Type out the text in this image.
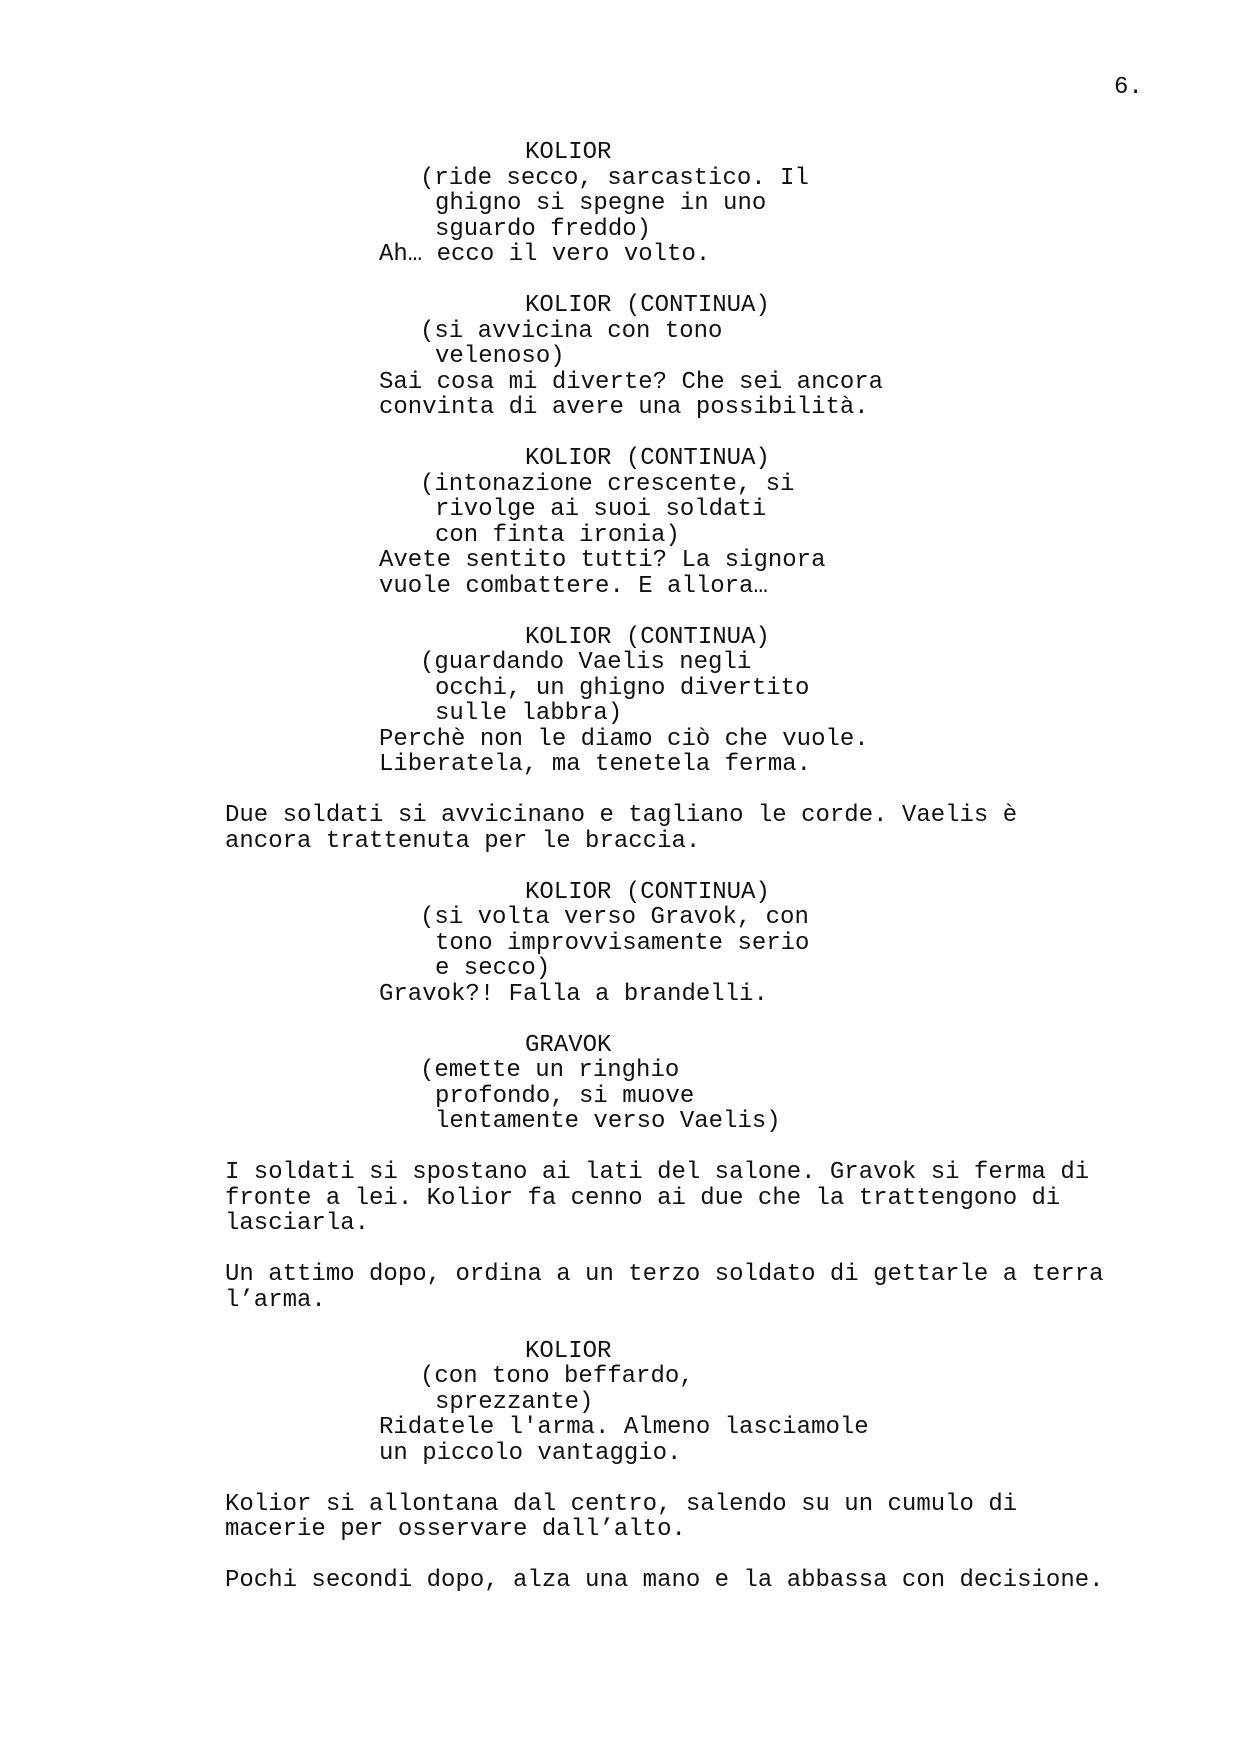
6.
KOLIOR
(ride secco, sarcastico. Il
ghigno si spegne in uno
sguardo freddo)
Ah… ecco il vero volto.
KOLIOR (CONTINUA)
(si avvicina con tono
velenoso)
Sai cosa mi diverte? Che sei ancora
convinta di avere una possibilità.
KOLIOR (CONTINUA)
(intonazione crescente, si
rivolge ai suoi soldati
con finta ironia)
Avete sentito tutti? La signora
vuole combattere. E allora…
KOLIOR (CONTINUA)
(guardando Vaelis negli
occhi, un ghigno divertito
sulle labbra)
Perchè non le diamo ciò che vuole.
Liberatela, ma tenetela ferma.
Due soldati si avvicinano e tagliano le corde. Vaelis è
ancora trattenuta per le braccia.
KOLIOR (CONTINUA)
(si volta verso Gravok, con
tono improvvisamente serio
e secco)
Gravok?! Falla a brandelli.
GRAVOK
(emette un ringhio
profondo, si muove
lentamente verso Vaelis)
I soldati si spostano ai lati del salone. Gravok si ferma di
fronte a lei. Kolior fa cenno ai due che la trattengono di
lasciarla.
Un attimo dopo, ordina a un terzo soldato di gettarle a terra
l’arma.
KOLIOR
(con tono beffardo,
sprezzante)
Ridatele l'arma. Almeno lasciamole
un piccolo vantaggio.
Kolior si allontana dal centro, salendo su un cumulo di
macerie per osservare dall’alto.
Pochi secondi dopo, alza una mano e la abbassa con decisione.
